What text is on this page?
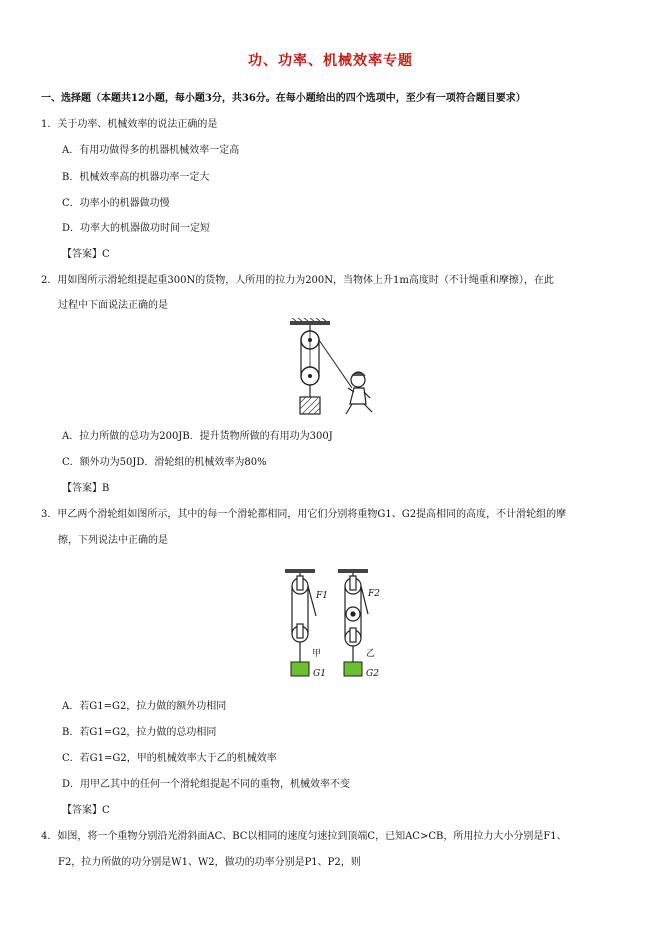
功、功率、机械效率专题
一、选择题（本题共12小题，每小题3分，共36分。在每小题给出的四个选项中，至少有一项符合题目要求）
1．关于功率、机械效率的说法正确的是
A．有用功做得多的机器机械效率一定高
B．机械效率高的机器功率一定大
C．功率小的机器做功慢
D．功率大的机器做功时间一定短
【答案】C
2．用如图所示滑轮组提起重300N的货物，人所用的拉力为200N，当物体上升1m高度时（不计绳重和摩擦），在此
过程中下面说法正确的是
A．拉力所做的总功为200JB．提升货物所做的有用功为300J
C．额外功为50JD．滑轮组的机械效率为80%
【答案】B
3．甲乙两个滑轮组如图所示，其中的每一个滑轮都相同，用它们分别将重物G1、G2提高相同的高度，不计滑轮组的摩
擦，下列说法中正确的是
F1	F2
甲	乙
G1	G2
A．若G1=G2，拉力做的额外功相同
B．若G1=G2，拉力做的总功相同
C．若G1=G2，甲的机械效率大于乙的机械效率
D．用甲乙其中的任何一个滑轮组提起不同的重物，机械效率不变
【答案】C
4．如图，将一个重物分别沿光滑斜面AC、BC以相同的速度匀速拉到顶端C，已知AC>CB，所用拉力大小分别是F1、
F2，拉力所做的功分别是W1、W2，做功的功率分别是P1、P2，则
